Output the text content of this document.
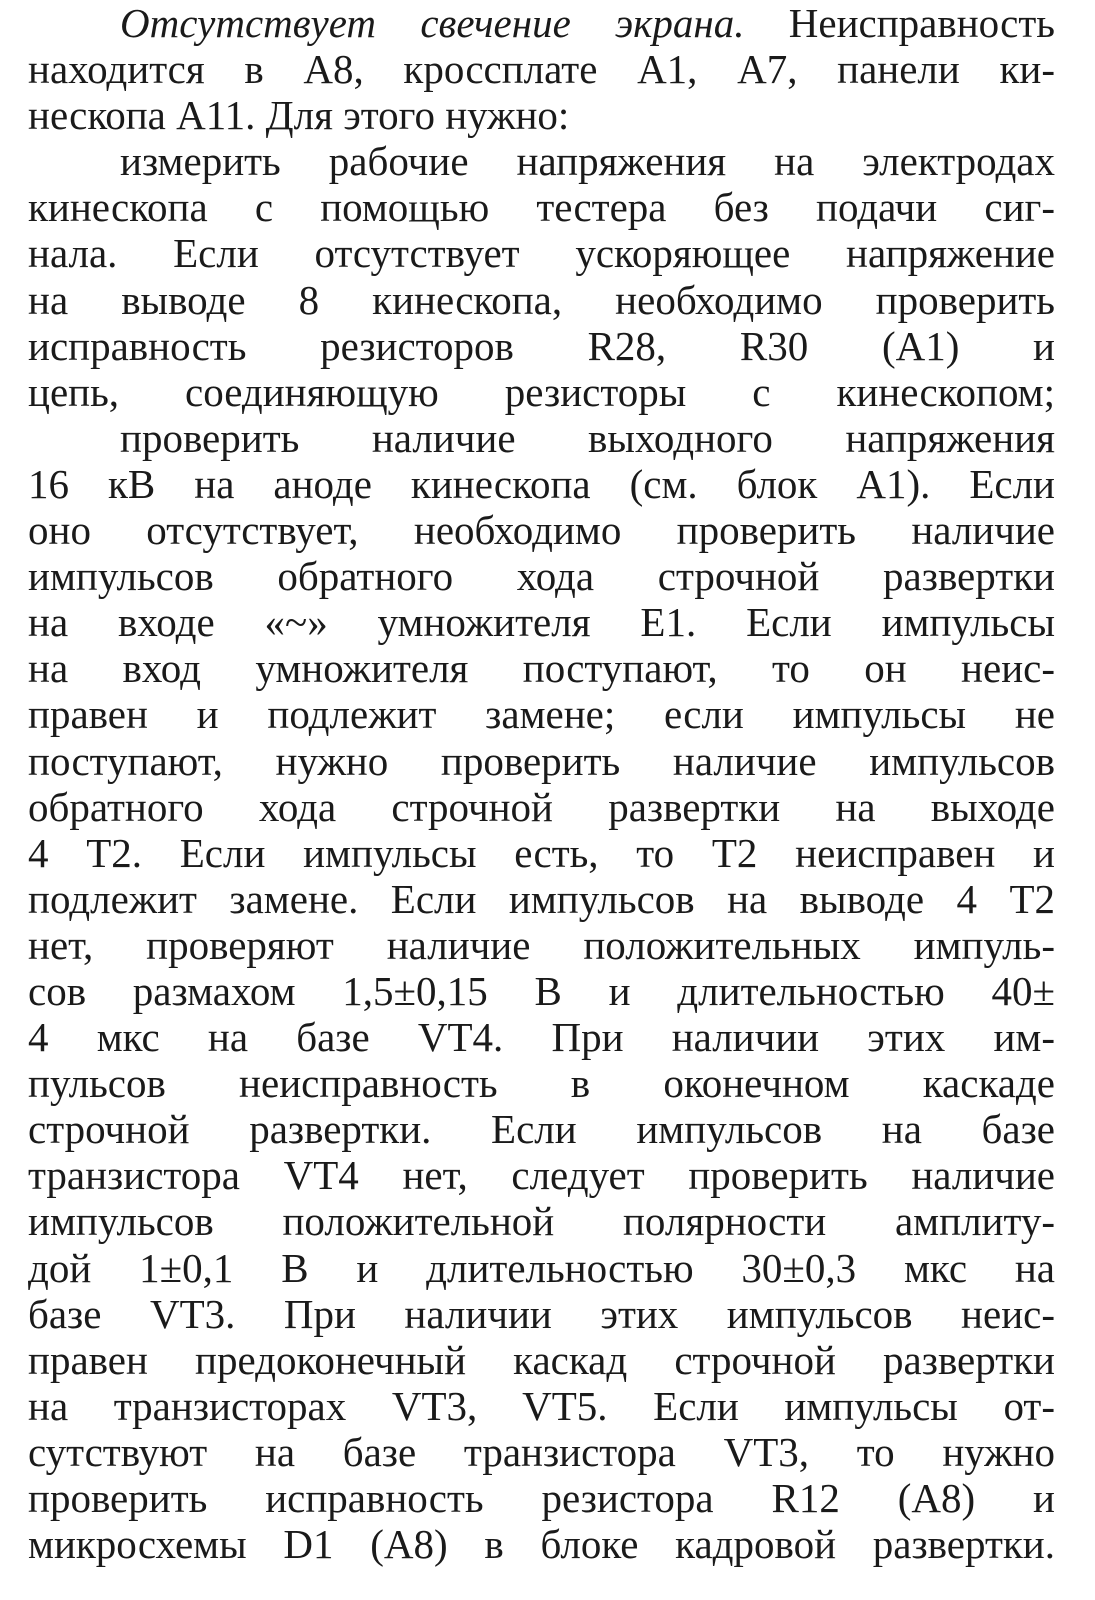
Отсутствует свечение экрана. Неисправность
находится в А8, кроссплате А1, А7, панели ки-
нескопа А11. Для этого нужно:
измерить рабочие напряжения на электродах
кинескопа с помощью тестера без подачи сиг-
нала. Если отсутствует ускоряющее напряжение
на выводе 8 кинескопа, необходимо проверить
исправность резисторов R28, R30 (А1) и
цепь, соединяющую резисторы с кинескопом;
проверить наличие выходного напряжения
16 кВ на аноде кинескопа (см. блок А1). Если
оно отсутствует, необходимо проверить наличие
импульсов обратного хода строчной развертки
на входе «~» умножителя Е1. Если импульсы
на вход умножителя поступают, то он неис-
правен и подлежит замене; если импульсы не
поступают, нужно проверить наличие импульсов
обратного хода строчной развертки на выходе
4 Т2. Если импульсы есть, то Т2 неисправен и
подлежит замене. Если импульсов на выводе 4 Т2
нет, проверяют наличие положительных импуль-
сов размахом 1,5±0,15 В и длительностью 40±
4 мкс на базе VT4. При наличии этих им-
пульсов неисправность в оконечном каскаде
строчной развертки. Если импульсов на базе
транзистора VT4 нет, следует проверить наличие
импульсов положительной полярности амплиту-
дой 1±0,1 В и длительностью 30±0,3 мкс на
базе VT3. При наличии этих импульсов неис-
правен предоконечный каскад строчной развертки
на транзисторах VT3, VT5. Если импульсы от-
сутствуют на базе транзистора VT3, то нужно
проверить исправность резистора R12 (А8) и
микросхемы D1 (А8) в блоке кадровой развертки.
